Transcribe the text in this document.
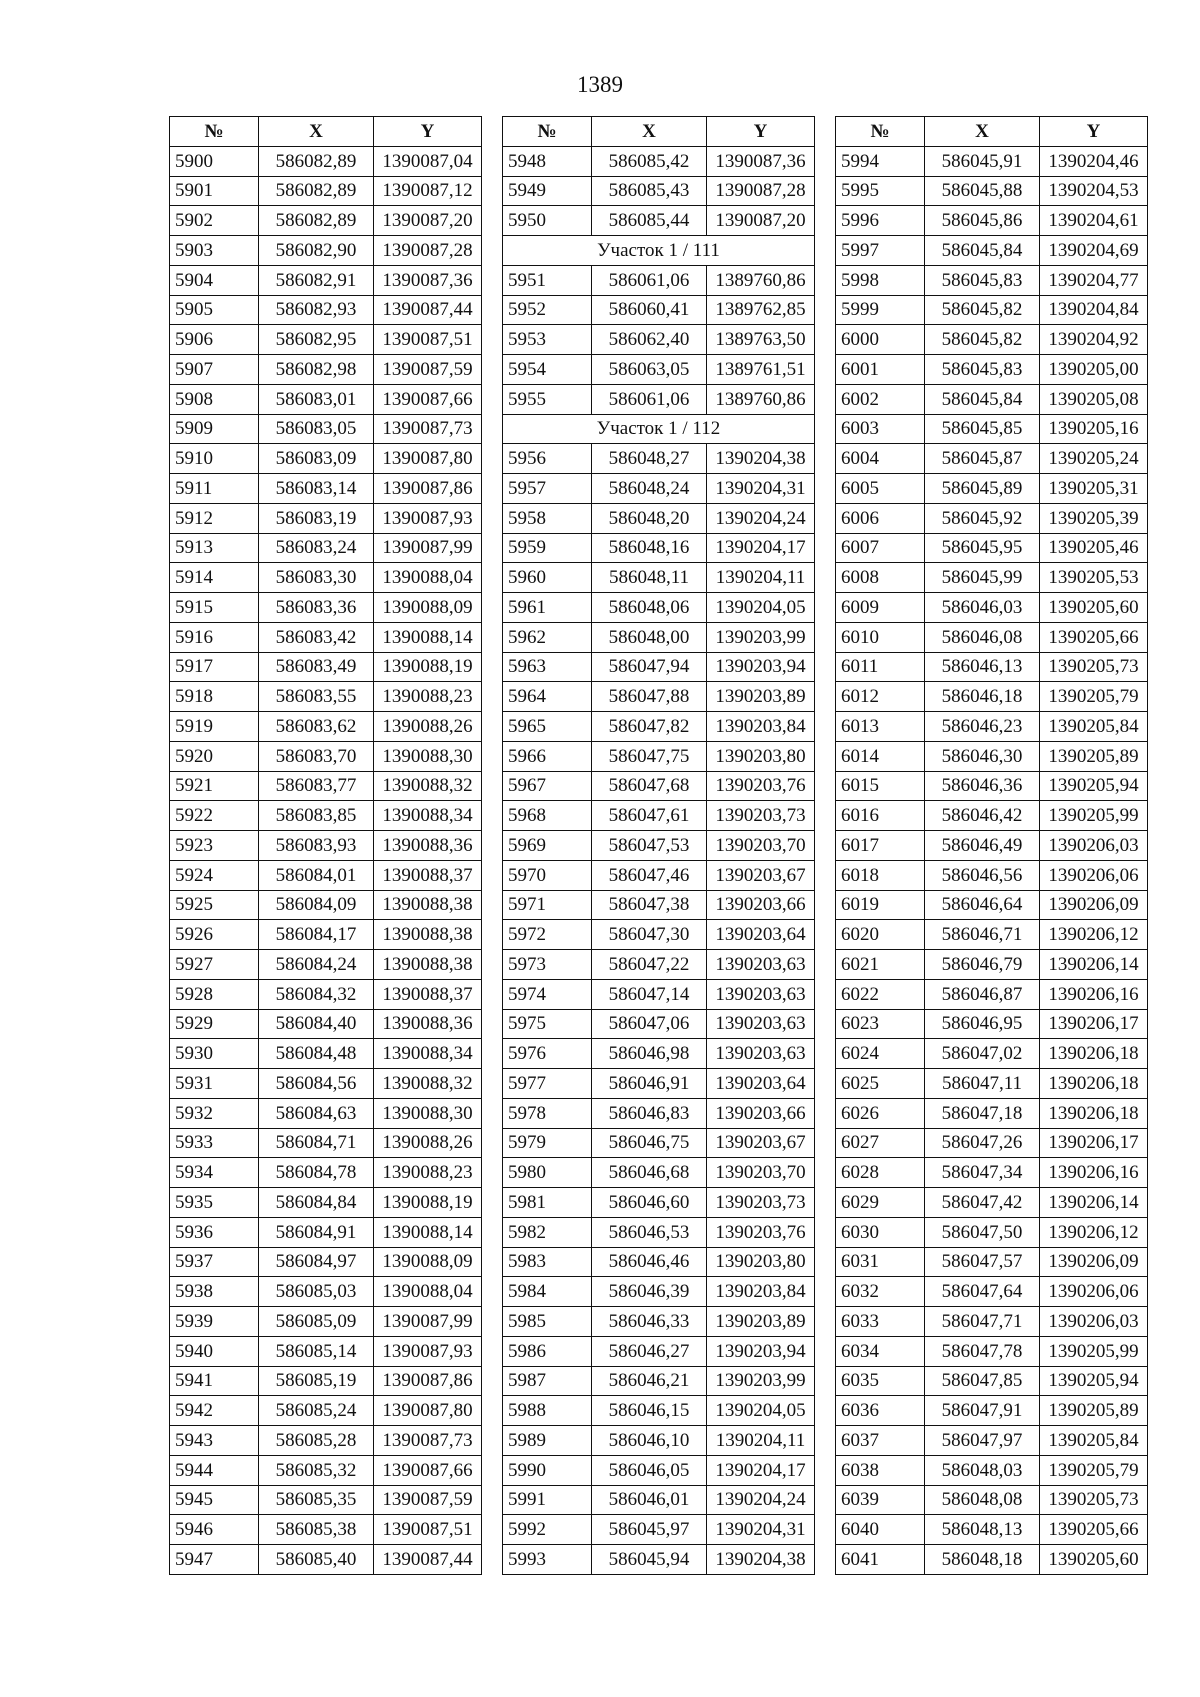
1389
№	X	Y
5900	586082,89	1390087,04
5901	586082,89	1390087,12
5902	586082,89	1390087,20
5903	586082,90	1390087,28
5904	586082,91	1390087,36
5905	586082,93	1390087,44
5906	586082,95	1390087,51
5907	586082,98	1390087,59
5908	586083,01	1390087,66
5909	586083,05	1390087,73
5910	586083,09	1390087,80
5911	586083,14	1390087,86
5912	586083,19	1390087,93
5913	586083,24	1390087,99
5914	586083,30	1390088,04
5915	586083,36	1390088,09
5916	586083,42	1390088,14
5917	586083,49	1390088,19
5918	586083,55	1390088,23
5919	586083,62	1390088,26
5920	586083,70	1390088,30
5921	586083,77	1390088,32
5922	586083,85	1390088,34
5923	586083,93	1390088,36
5924	586084,01	1390088,37
5925	586084,09	1390088,38
5926	586084,17	1390088,38
5927	586084,24	1390088,38
5928	586084,32	1390088,37
5929	586084,40	1390088,36
5930	586084,48	1390088,34
5931	586084,56	1390088,32
5932	586084,63	1390088,30
5933	586084,71	1390088,26
5934	586084,78	1390088,23
5935	586084,84	1390088,19
5936	586084,91	1390088,14
5937	586084,97	1390088,09
5938	586085,03	1390088,04
5939	586085,09	1390087,99
5940	586085,14	1390087,93
5941	586085,19	1390087,86
5942	586085,24	1390087,80
5943	586085,28	1390087,73
5944	586085,32	1390087,66
5945	586085,35	1390087,59
5946	586085,38	1390087,51
5947	586085,40	1390087,44
№	X	Y
5948	586085,42	1390087,36
5949	586085,43	1390087,28
5950	586085,44	1390087,20
Участок 1 / 111		
5951	586061,06	1389760,86
5952	586060,41	1389762,85
5953	586062,40	1389763,50
5954	586063,05	1389761,51
5955	586061,06	1389760,86
Участок 1 / 112		
5956	586048,27	1390204,38
5957	586048,24	1390204,31
5958	586048,20	1390204,24
5959	586048,16	1390204,17
5960	586048,11	1390204,11
5961	586048,06	1390204,05
5962	586048,00	1390203,99
5963	586047,94	1390203,94
5964	586047,88	1390203,89
5965	586047,82	1390203,84
5966	586047,75	1390203,80
5967	586047,68	1390203,76
5968	586047,61	1390203,73
5969	586047,53	1390203,70
5970	586047,46	1390203,67
5971	586047,38	1390203,66
5972	586047,30	1390203,64
5973	586047,22	1390203,63
5974	586047,14	1390203,63
5975	586047,06	1390203,63
5976	586046,98	1390203,63
5977	586046,91	1390203,64
5978	586046,83	1390203,66
5979	586046,75	1390203,67
5980	586046,68	1390203,70
5981	586046,60	1390203,73
5982	586046,53	1390203,76
5983	586046,46	1390203,80
5984	586046,39	1390203,84
5985	586046,33	1390203,89
5986	586046,27	1390203,94
5987	586046,21	1390203,99
5988	586046,15	1390204,05
5989	586046,10	1390204,11
5990	586046,05	1390204,17
5991	586046,01	1390204,24
5992	586045,97	1390204,31
5993	586045,94	1390204,38
№	X	Y
5994	586045,91	1390204,46
5995	586045,88	1390204,53
5996	586045,86	1390204,61
5997	586045,84	1390204,69
5998	586045,83	1390204,77
5999	586045,82	1390204,84
6000	586045,82	1390204,92
6001	586045,83	1390205,00
6002	586045,84	1390205,08
6003	586045,85	1390205,16
6004	586045,87	1390205,24
6005	586045,89	1390205,31
6006	586045,92	1390205,39
6007	586045,95	1390205,46
6008	586045,99	1390205,53
6009	586046,03	1390205,60
6010	586046,08	1390205,66
6011	586046,13	1390205,73
6012	586046,18	1390205,79
6013	586046,23	1390205,84
6014	586046,30	1390205,89
6015	586046,36	1390205,94
6016	586046,42	1390205,99
6017	586046,49	1390206,03
6018	586046,56	1390206,06
6019	586046,64	1390206,09
6020	586046,71	1390206,12
6021	586046,79	1390206,14
6022	586046,87	1390206,16
6023	586046,95	1390206,17
6024	586047,02	1390206,18
6025	586047,11	1390206,18
6026	586047,18	1390206,18
6027	586047,26	1390206,17
6028	586047,34	1390206,16
6029	586047,42	1390206,14
6030	586047,50	1390206,12
6031	586047,57	1390206,09
6032	586047,64	1390206,06
6033	586047,71	1390206,03
6034	586047,78	1390205,99
6035	586047,85	1390205,94
6036	586047,91	1390205,89
6037	586047,97	1390205,84
6038	586048,03	1390205,79
6039	586048,08	1390205,73
6040	586048,13	1390205,66
6041	586048,18	1390205,60
